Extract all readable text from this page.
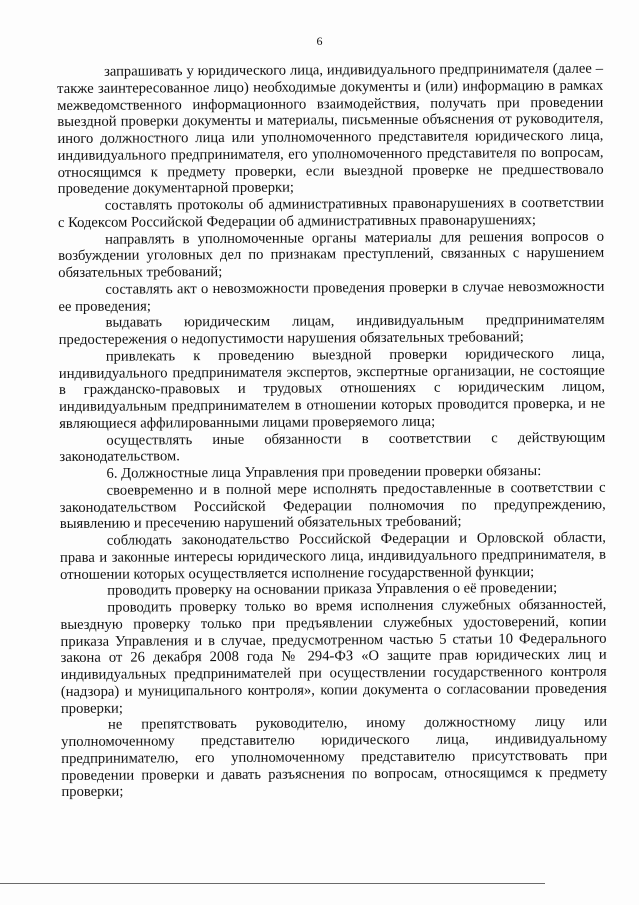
6

запрашивать у юридического лица, индивидуального предпринимателя (далее – также заинтересованное лицо) необходимые документы и (или) информацию в рамках межведомственного информационного взаимодействия, получать при проведении выездной проверки документы и материалы, письменные объяснения от руководителя, иного должностного лица или уполномоченного представителя юридического лица, индивидуального предпринимателя, его уполномоченного представителя по вопросам, относящимся к предмету проверки, если выездной проверке не предшествовало проведение документарной проверки;

составлять протоколы об административных правонарушениях в соответствии с Кодексом Российской Федерации об административных правонарушениях;

направлять в уполномоченные органы материалы для решения вопросов о возбуждении уголовных дел по признакам преступлений, связанных с нарушением обязательных требований;

составлять акт о невозможности проведения проверки в случае невозможности ее проведения;

выдавать юридическим лицам, индивидуальным предпринимателям предостережения о недопустимости нарушения обязательных требований;

привлекать к проведению выездной проверки юридического лица, индивидуального предпринимателя экспертов, экспертные организации, не состоящие в гражданско-правовых и трудовых отношениях с юридическим лицом, индивидуальным предпринимателем в отношении которых проводится проверка, и не являющиеся аффилированными лицами проверяемого лица;

осуществлять иные обязанности в соответствии с действующим законодательством.

6. Должностные лица Управления при проведении проверки обязаны:

своевременно и в полной мере исполнять предоставленные в соответствии с законодательством Российской Федерации полномочия по предупреждению, выявлению и пресечению нарушений обязательных требований;

соблюдать законодательство Российской Федерации и Орловской области, права и законные интересы юридического лица, индивидуального предпринимателя, в отношении которых осуществляется исполнение государственной функции;

проводить проверку на основании приказа Управления о её проведении;

проводить проверку только во время исполнения служебных обязанностей, выездную проверку только при предъявлении служебных удостоверений, копии приказа Управления и в случае, предусмотренном частью 5 статьи 10 Федерального закона от 26 декабря 2008 года № 294-ФЗ «О защите прав юридических лиц и индивидуальных предпринимателей при осуществлении государственного контроля (надзора) и муниципального контроля», копии документа о согласовании проведения проверки;

не препятствовать руководителю, иному должностному лицу или уполномоченному представителю юридического лица, индивидуальному предпринимателю, его уполномоченному представителю присутствовать при проведении проверки и давать разъяснения по вопросам, относящимся к предмету проверки;
